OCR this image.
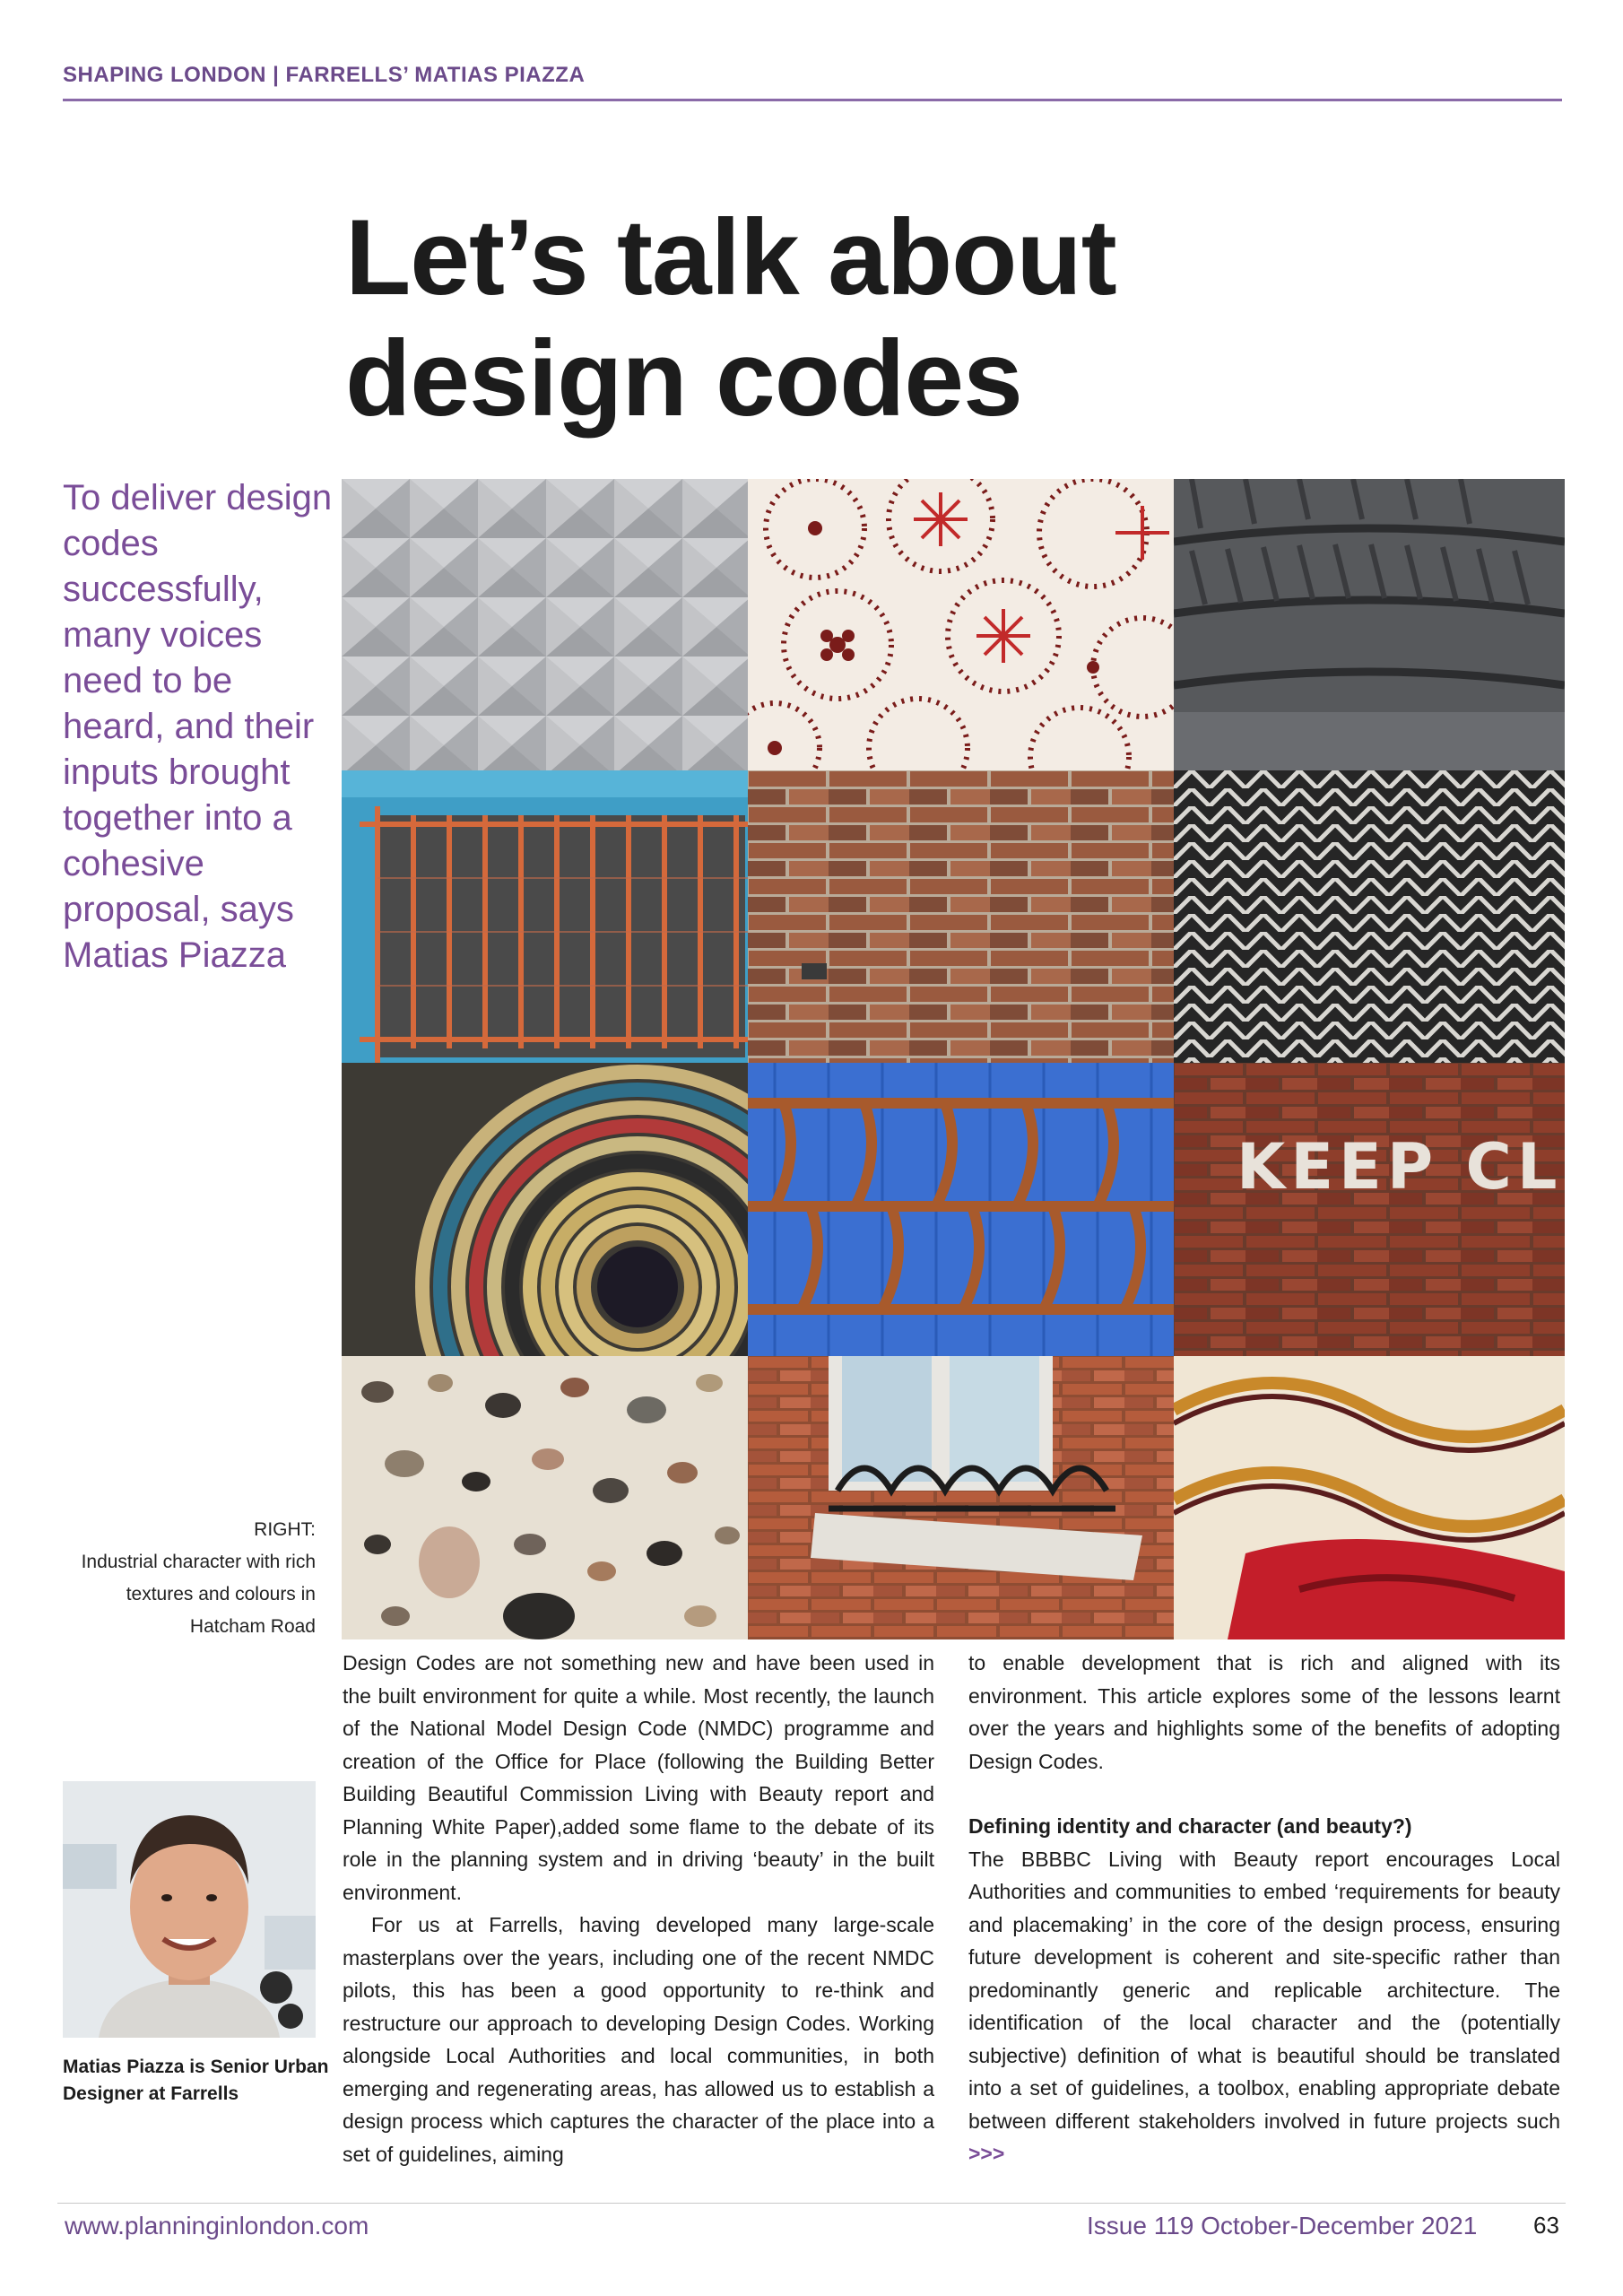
SHAPING LONDON | FARRELLS’ MATIAS PIAZZA
Let’s talk about
design codes

To deliver design codes successfully, many voices need to be heard, and their inputs brought together into a cohesive proposal, says Matias Piazza

KEEP CL

RIGHT:
Industrial character with rich textures and colours in Hatcham Road

Matias Piazza is Senior Urban Designer at Farrells

Design Codes are not something new and have been used in the built environment for quite a while. Most recently, the launch of the National Model Design Code (NMDC) programme and creation of the Office for Place (following the Building Better Building Beautiful Commission Living with Beauty report and Planning White Paper),added some flame to the debate of its role in the planning system and in driving ‘beauty’ in the built environment.

For us at Farrells, having developed many large-scale masterplans over the years, including one of the recent NMDC pilots, this has been a good opportunity to re-think and restructure our approach to developing Design Codes. Working alongside Local Authorities and local communities, in both emerging and regenerating areas, has allowed us to establish a design process which captures the character of the place into a set of guidelines, aiming

to enable development that is rich and aligned with its environment. This article explores some of the lessons learnt over the years and highlights some of the benefits of adopting Design Codes.

Defining identity and character (and beauty?)

The BBBBC Living with Beauty report encourages Local Authorities and communities to embed ‘requirements for beauty and placemaking’ in the core of the design process, ensuring future development is coherent and site-specific rather than predominantly generic and replicable architecture. The identification of the local character and the (potentially subjective) definition of what is beautiful should be translated into a set of guidelines, a toolbox, enabling appropriate debate between different stakeholders involved in future projects such >>>

www.planninginlondon.com	Issue 119 October-December 2021 63
